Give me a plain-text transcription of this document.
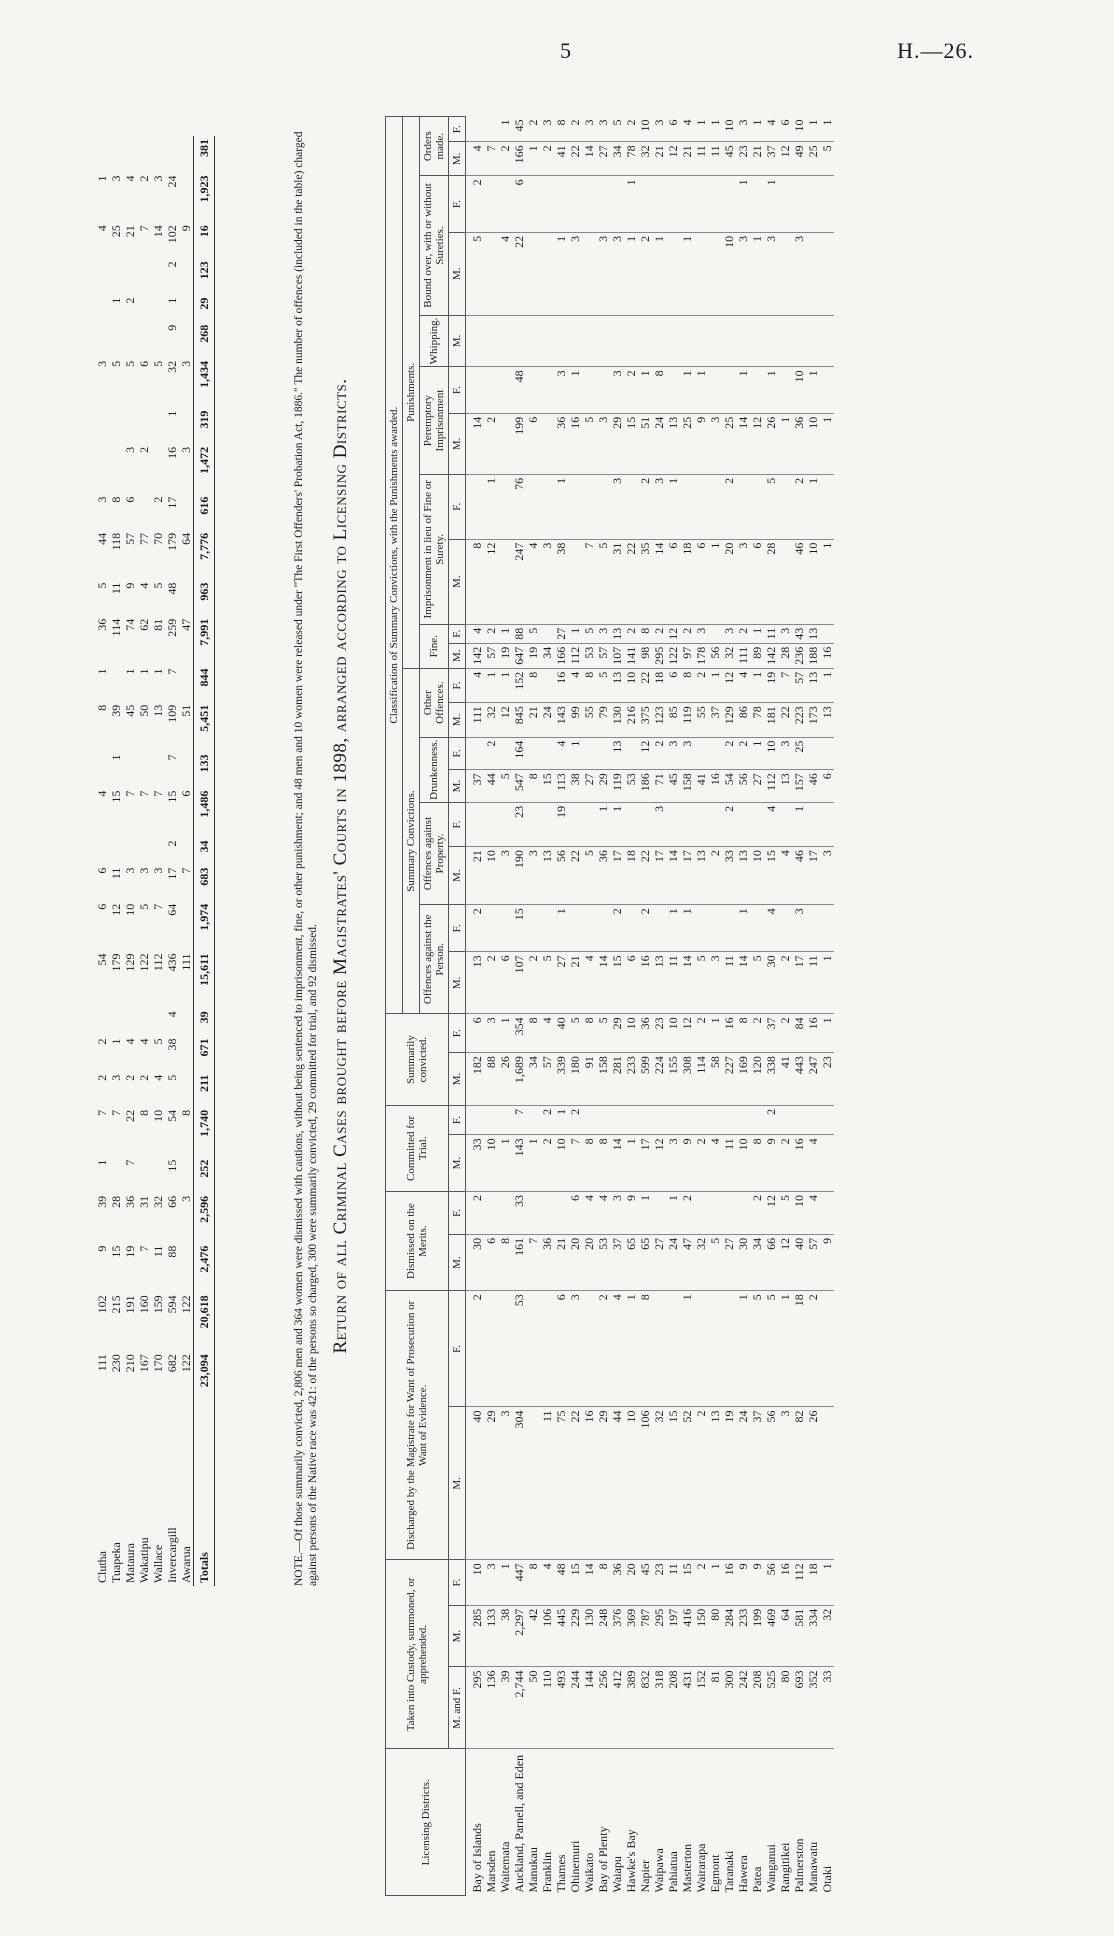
5	H.—26.
Clutha	111	102	9	39	1	7	2	2		54	6	6		4		8	1	36	5	44	3			3				4	1	
Tuapeka	230	215	15	28		7	3	1		179	12	11		15	1	39		114	11	118	8			5		1		25	3	
Mataura	210	191	19	36	7	22	2	4		129	10	3		7		45	1	74	9	57	6	3		5		2		21	4	
Wakatipu	167	160	7	31		8	2	4		122	5	3		7		50	1	62	4	77		2		6				7	2	
Wallace	170	159	11	32		10	4	5		112	7	3		7		13	1	81	5	70	2			5				14	3	
Invercargill	682	594	88	66	15	54	5	38	4	436	64	17	2	15	7	109	7	259	48	179	17	16	1	32	9	1	2	102	24	
Awarua	122	122		3		8				111		7		6		51		47		64		3		3				9		
Totals	23,094	20,618	2,476	2,596	252	1,740	211	671	39	15,611	1,974	683	34	1,486	133	5,451	844	7,991	963	7,776	616	1,472	319	1,434	268	29	123	16	1,923	381	NOTE.—Of those summarily convicted, 2,806 men and 364 women were dismissed with cautions, without being sentenced to imprisonment, fine, or other punishment; and 48 men and 10 women were released under "The First Offenders' Probation Act, 1886." The number of offences (included in the table) charged against persons of the Native race was 421: of the persons so charged, 300 were summarily convicted, 29 committed for trial, and 92 dismissed. Return of all Criminal Cases brought before Magistrates' Courts in 1898, arranged according to Licensing Districts.
Licensing Districts.	Taken into Custody, summoned, or apprehended.			Discharged by the Magistrate for Want of Prosecution or Want of Evidence.		Dismissed on the Merits.		Committed for Trial.		Summarily convicted.		Classification of Summary Convictions, with the Punishments awarded.																		
												Summary Convictions.								Punishments.										
												Offences against the Person.		Offences against Property.		Drunkenness.		Other Offences.		Fine.		Imprisonment in lieu of Fine or Surety.		Peremptory Imprisonment		Whipping.	Bound over, with or without Sureties.		Orders made.	
	M. and F.	M.	F.	M.	F.	M.	F.	M.	F.	M.	F.	M.	F.	M.	F.	M.	F.	M.	F.	M.	F.	M.	F.	M.	F.	M.	M.	F.	M.	F.
Bay of Islands	295	285	10	40	2	30	2	33		182	6	13	2	21		37		111	4	142	4	8		14			5	2	4	
Marsden	136	133	3	29		6		10		88	3	2		10		44	2	32	1	57	2	12	1	2					7	
Waitemata	39	38	1	3		8		1		26	1	6		3		5		12	1	19	1						4		2	1
Auckland, Parnell, and Eden	2,744	2,297	447	304	53	161	33	143	7	1,689	354	107	15	190	23	547	164	845	152	647	88	247	76	199	48		22	6	166	45
Manukau	50	42	8			7		1		34	8	2		3		8		21	8	19	5	4		6					1	2
Franklin	110	106	4	11		36		2	2	57	4	5		13		15		24		34		3							2	3
Thames	493	445	48	75	6	21		10	1	339	40	27	1	56	19	113	4	143	16	166	27	38	1	36	3		1		41	8
Ohinemuri	244	229	15	22	3	20	6	7	2	180	5	21		22		38	1	99	4	112	1			16	1		3		22	2
Waikato	144	130	14	16		20	4	8		91	8	4		5		27		55	8	53	5	7		5					14	3
Bay of Plenty	256	248	8	29	2	53	4	8		158	5	14		36	1	29		79	5	57	3	5		3			3		27	3
Waiapu	412	376	36	44	4	37	3	14		281	29	15	2	17	1	119	13	130	13	107	13	31	3	29	3		3		34	5
Hawke's Bay	389	369	20	10	1	65	9	1		233	10	6		18		53		216	10	141	2	22		15	2		1	1	78	2
Napier	832	787	45	106	8	65	1	17		599	36	16	2	22		186	12	375	22	98	8	35	2	51	1		2		32	10
Waipawa	318	295	23	32		27		12		224	23	13		17	3	71	2	123	18	295	2	14	3	24	8		1		21	3
Pahiatua	208	197	11	15		24	1	3		155	10	11	1	14		45	3	85	6	122	12	6	1	13					12	6
Masterton	431	416	15	52	1	47	2	9		308	12	14	1	17		158	3	119	8	97	2	18		25	1		1		21	4
Wairarapa	152	150	2	2		32		2		114	2	5		13		41		55	2	178	3	6		9	1				11	1
Egmont	81	80	1	13		5		4		58	1	3		2		16		37	1	56		1		3					11	1
Taranaki	300	284	16	19		27		11		227	16	11		33	2	54	2	129	12	32	3	20	2	25			10		45	10
Hawera	242	233	9	24	1	30		10		169	8	14	1	13		56	2	86	4	111	2	3		14	1		3	1	23	3
Patea	208	199	9	37	5	34	2	8		120	2	5		10		27	1	78	1	89	1	6		12			1		21	1
Wanganui	525	469	56	56	5	66	12	9	2	338	37	30	4	15	4	112	10	181	19	142	11	28	5	26	1		3	1	37	4
Rangitikei	80	64	16	3	1	12	5	2		41	2	2		4		13	3	22	7	28	3			1					12	6
Palmerston	693	581	112	82	18	40	10	16		443	84	17	3	46	1	157	25	223	57	236	43	46	2	36	10		3		49	10
Manawatu	352	334	18	26	2	57	4	4		247	16	11		17		46		173	13	188	13	10	1	10	1				25	1
Otaki	33	32	1			9				23	1	1		3		6		13	1	16		1		1					5	1
